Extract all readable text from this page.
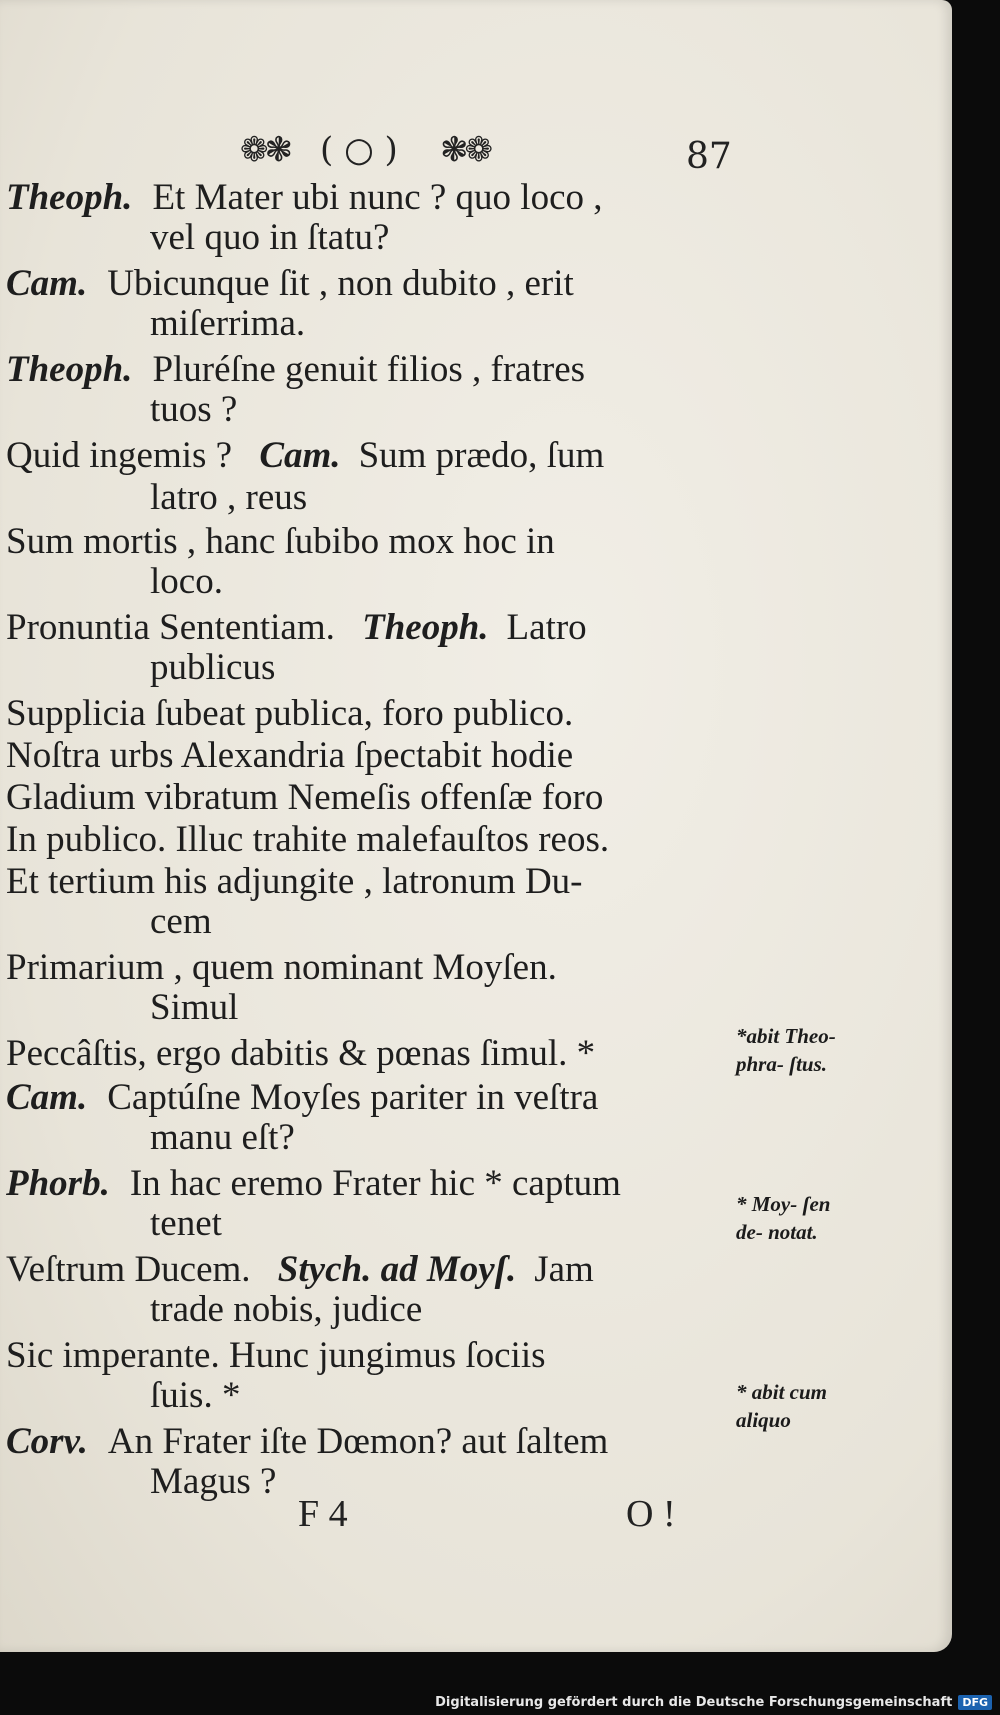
❁❃ ( ○ ) ❃❁	87
Theoph. Et Mater ubi nunc ? quo loco ,
vel quo in ſtatu?
Cam. Ubicunque ſit , non dubito , erit
miſerrima.
Theoph. Pluréſne genuit filios , fratres
tuos ?
Quid ingemis ? Cam. Sum prædo, ſum
latro , reus
Sum mortis , hanc ſubibo mox hoc in
loco.
Pronuntia Sententiam. Theoph. Latro
publicus
Supplicia ſubeat publica, foro publico.
Noſtra urbs Alexandria ſpectabit hodie
Gladium vibratum Nemeſis offenſæ foro
In publico. Illuc trahite malefauſtos reos.
Et tertium his adjungite , latronum Du-
cem
Primarium , quem nominant Moyſen.
Simul
Peccâſtis, ergo dabitis & pœnas ſimul. *
Cam. Captúſne Moyſes pariter in veſtra
manu eſt?
Phorb. In hac eremo Frater hic * captum
tenet
Veſtrum Ducem. Stych. ad Moyſ. Jam
trade nobis, judice
Sic imperante. Hunc jungimus ſociis
ſuis. *
Corv. An Frater iſte Dœmon? aut ſaltem
Magus ?
*abit Theo- phra- ſtus.
* Moy- ſen de- notat.
* abit cum aliquo
F 4	O !
Digitalisierung gefördert durch die Deutsche Forschungsgemeinschaft DFG
